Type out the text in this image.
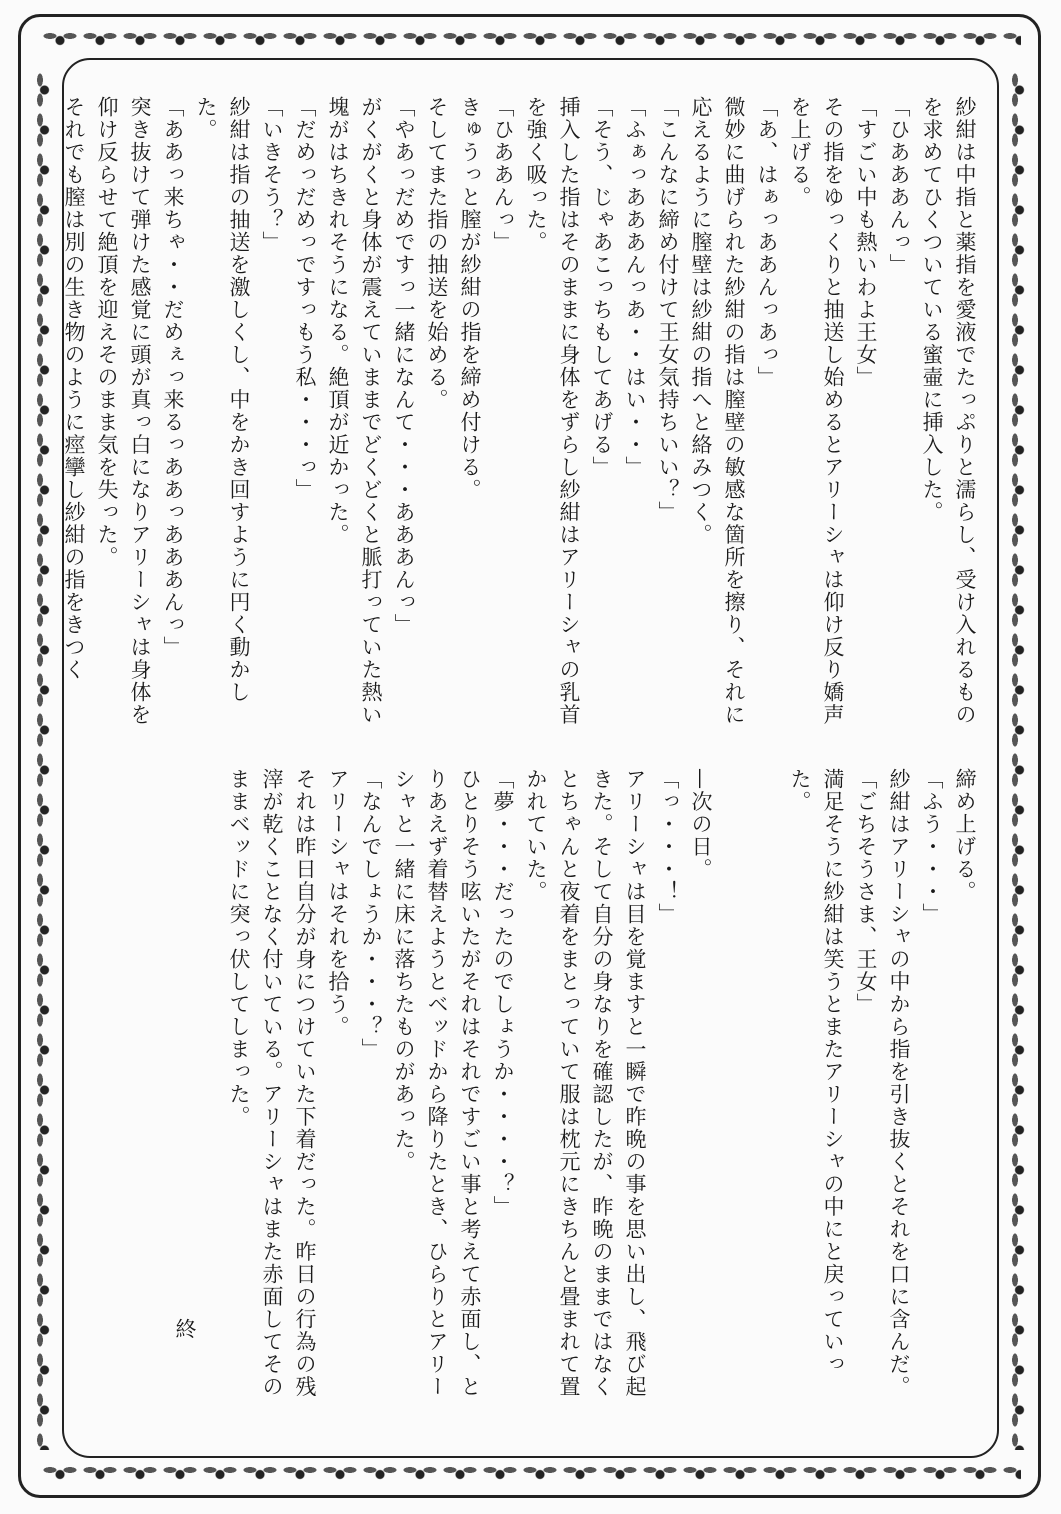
紗紺は中指と薬指を愛液でたっぷりと濡らし、受け入れるもの

を求めてひくついている蜜壷に挿入した。

「ひあああんっ」

「すごい中も熱いわよ王女」

その指をゆっくりと抽送し始めるとアリーシャは仰け反り嬌声

を上げる。

「あ、はぁっああんっあっ」

微妙に曲げられた紗紺の指は膣壁の敏感な箇所を擦り、それに

応えるように膣壁は紗紺の指へと絡みつく。

「こんなに締め付けて王女気持ちいい？」

「ふぁっあああんっあ・・はい・・」

「そう、じゃあこっちもしてあげる」

挿入した指はそのままに身体をずらし紗紺はアリーシャの乳首

を強く吸った。

「ひああんっ」

きゅうっと膣が紗紺の指を締め付ける。

そしてまた指の抽送を始める。

「やあっだめですっ一緒になんて・・・あああんっ」

がくがくと身体が震えていままでどくどくと脈打っていた熱い

塊がはちきれそうになる。絶頂が近かった。

「だめっだめっですっもう私・・・っ」

「いきそう？」

紗紺は指の抽送を激しくし、中をかき回すように円く動かし

た。

「ああっ来ちゃ・・だめぇっ来るっああっあああんっ」

突き抜けて弾けた感覚に頭が真っ白になりアリーシャは身体を

仰け反らせて絶頂を迎えそのまま気を失った。

それでも膣は別の生き物のように痙攣し紗紺の指をきつく

締め上げる。

「ふう・・・」

紗紺はアリーシャの中から指を引き抜くとそれを口に含んだ。

「ごちそうさま、王女」

満足そうに紗紺は笑うとまたアリーシャの中にと戻っていっ

た。

—次の日。

「っ・・・！」

アリーシャは目を覚ますと一瞬で昨晩の事を思い出し、飛び起

きた。そして自分の身なりを確認したが、昨晩のままではなく

とちゃんと夜着をまとっていて服は枕元にきちんと畳まれて置

かれていた。

「夢・・・だったのでしょうか・・・・？」

ひとりそう呟いたがそれはそれですごい事と考えて赤面し、と

りあえず着替えようとベッドから降りたとき、ひらりとアリー

シャと一緒に床に落ちたものがあった。

「なんでしょうか・・・？」

アリーシャはそれを拾う。

それは昨日自分が身につけていた下着だった。昨日の行為の残

滓が乾くことなく付いている。アリーシャはまた赤面してその

ままベッドに突っ伏してしまった。

終
